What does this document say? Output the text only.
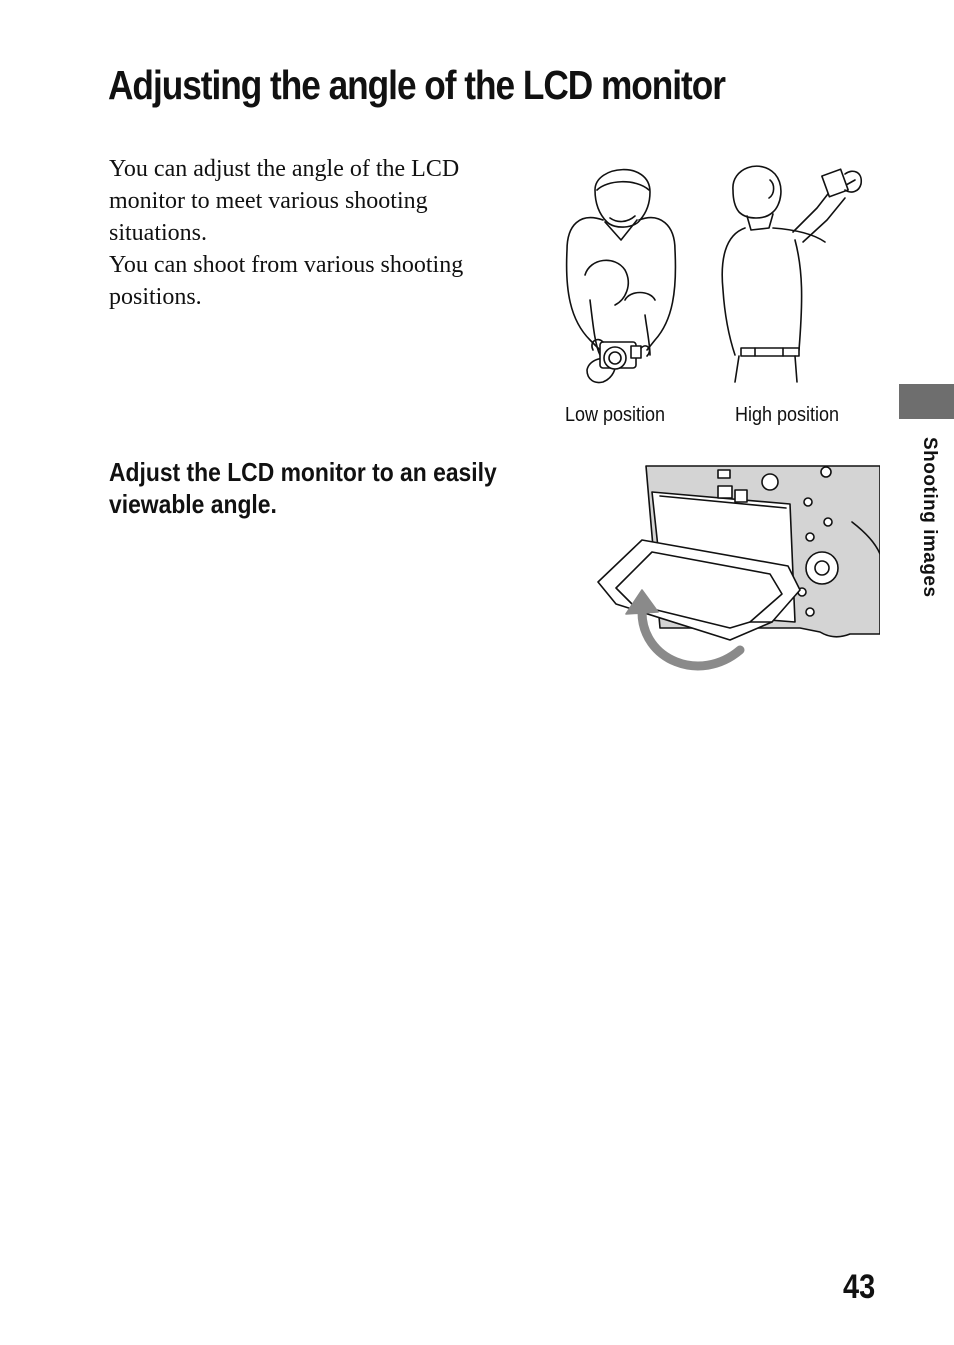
Adjusting the angle of the LCD monitor

You can adjust the angle of the LCD monitor to meet various shooting situations.

You can shoot from various shooting positions.

Low position	High position
Adjust the LCD monitor to an easily viewable angle.	Shooting images
43
